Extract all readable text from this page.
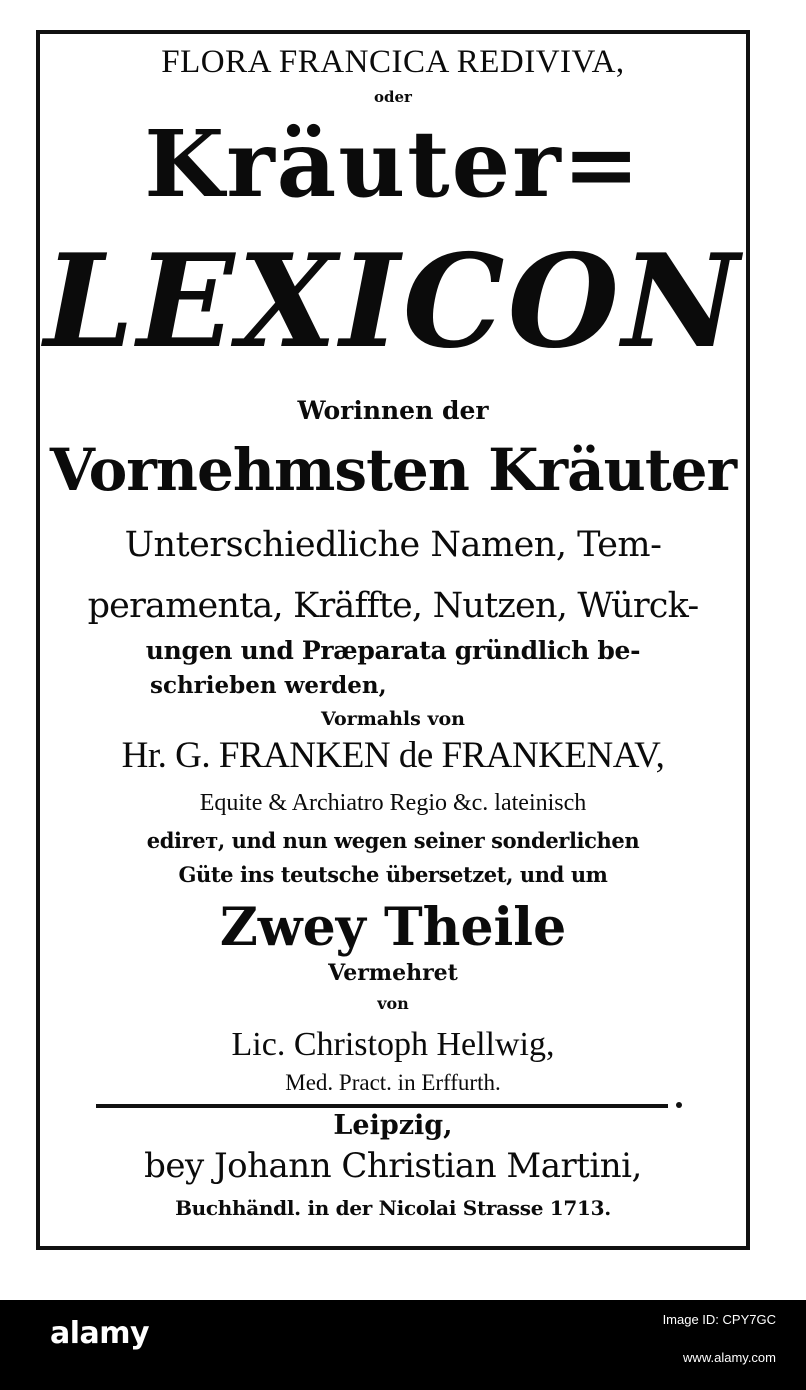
FLORA FRANCICA REDIVIVA,
oder
Kräuter=
LEXICON
Worinnen der
Vornehmsten Kräuter
Unterschiedliche Namen, Tem-
peramenta, Kräffte, Nutzen, Würck-
ungen und Præparata gründlich be-
schrieben werden,
Vormahls von
Hr. G. FRANKEN de FRANKENAV,
Equite & Archiatro Regio &c. lateinisch
edirет, und nun wegen seiner sonderlichen
Güte ins teutsche übersetzet, und um
Zwey Theile
Vermehret
von
Lic. Christoph Hellwig,
Med. Pract. in Erffurth.
Leipzig,
bey Johann Christian Martini,
Buchhändl. in der Nicolai Strasse 1713.
alamy	Image ID: CPY7GC
www.alamy.com
